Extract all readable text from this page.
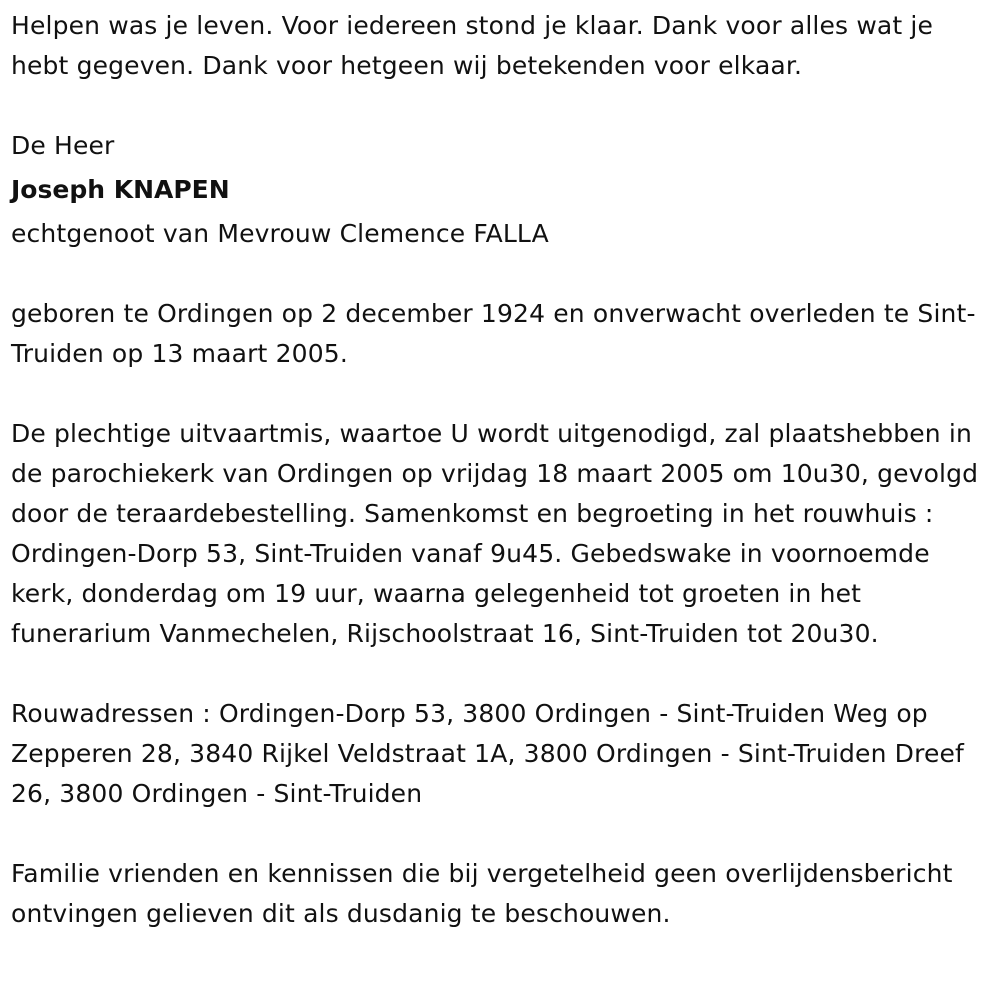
Helpen was je leven. Voor iedereen stond je klaar. Dank voor alles wat je hebt gegeven. Dank voor hetgeen wij betekenden voor elkaar.

De Heer

Joseph KNAPEN

echtgenoot van Mevrouw Clemence FALLA

geboren te Ordingen op 2 december 1924 en onverwacht overleden te Sint-Truiden op 13 maart 2005.

De plechtige uitvaartmis, waartoe U wordt uitgenodigd, zal plaatshebben in de parochiekerk van Ordingen op vrijdag 18 maart 2005 om 10u30, gevolgd door de teraardebestelling. Samenkomst en begroeting in het rouwhuis : Ordingen-Dorp 53, Sint-Truiden vanaf 9u45. Gebedswake in voornoemde kerk, donderdag om 19 uur, waarna gelegenheid tot groeten in het funerarium Vanmechelen, Rijschoolstraat 16, Sint-Truiden tot 20u30.

Rouwadressen : Ordingen-Dorp 53, 3800 Ordingen - Sint-Truiden Weg op Zepperen 28, 3840 Rijkel Veldstraat 1A, 3800 Ordingen - Sint-Truiden Dreef 26, 3800 Ordingen - Sint-Truiden

Familie vrienden en kennissen die bij vergetelheid geen overlijdensbericht ontvingen gelieven dit als dusdanig te beschouwen.
